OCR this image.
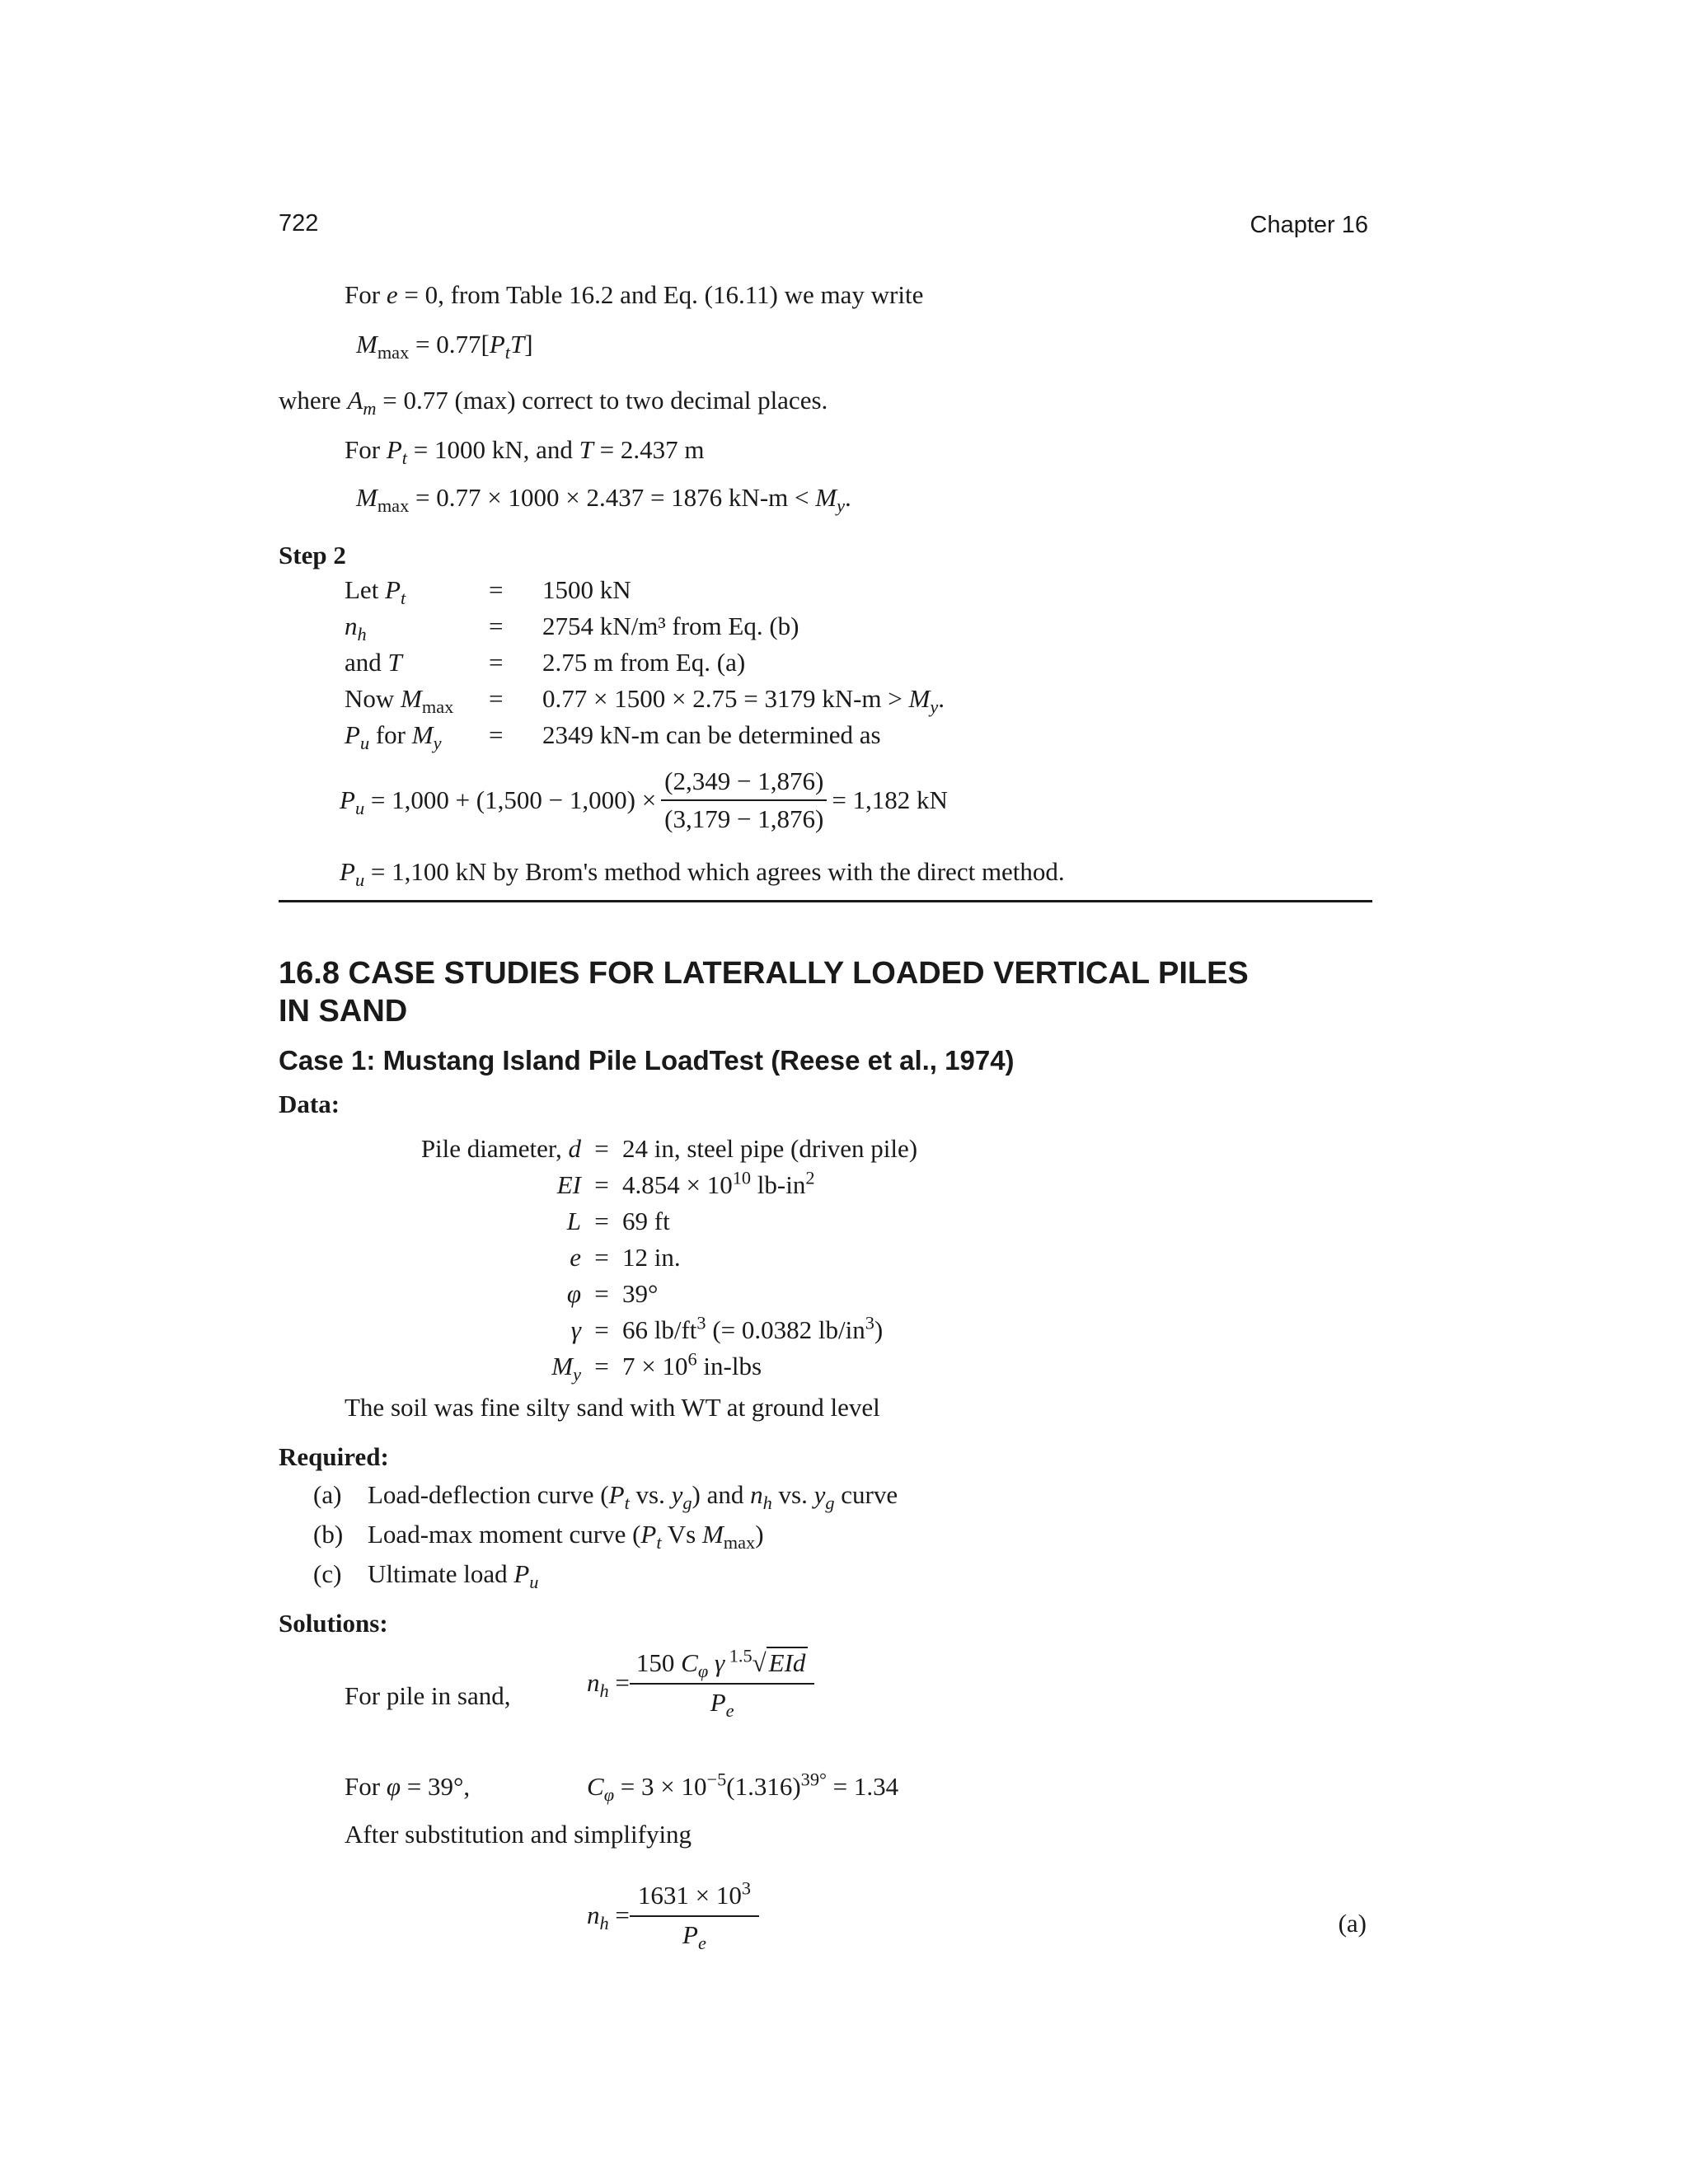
722	Chapter 16
For e = 0, from Table 16.2 and Eq. (16.11) we may write
$M_{max} = 0.77[P_tT]$
where $A_m = 0.77$ (max) correct to two decimal places.
For $P_t = 1000$ kN, and T = 2.437 m
$M_{max} = 0.77 \times 1000 \times 2.437 = 1876$ $kN-m < M_y$.
Step 2
Let $P_t$	=	1500 kN
$n_h$	=	2754 kN/m³ from Eq. (b)
and T	=	2.75 m from Eq. (a)
Now $M_{max}$	=	0.77 × 1500 × 2.75 = 3179 $kN-m > M_y$.
$P_u$ for $M_y$	=	2349 kN-m can be determined as
$P_u = 1,000 + (1,500 - 1,000) \times \frac{(2,349 - 1,876)}{(3,179 - 1,876)} = 1,182$ kN
$P_u = 1,100$ kN by Brom's method which agrees with the direct method.
16.8 CASE STUDIES FOR LATERALLY LOADED VERTICAL PILES
IN SAND
Case 1: Mustang Island Pile LoadTest (Reese et al., 1974)
Data:
Pile diameter, d	=	24 in, steel pipe (driven pile)
EI	=	$4.854 \times 10^{10}$ $lb-in^2$
L	=	69 ft
e	=	12 in.
φ	=	39°
γ	=	66 $lb/ft^3$ (= 0.0382 $lb/in^3$)
$M_y$	=	$7 \times 10^6$ in-lbs
The soil was fine silty sand with WT at ground level
Required:
(a) Load-deflection curve ($P_t$ vs. $y_g$) and $n_h$ vs. $y_g$ curve
(b) Load-max moment curve ($P_t$ Vs $M_{max}$)
(c) Ultimate load $P_u$
Solutions:
For pile in sand,	$n_h = \frac{150 C_\varphi \gamma ^{1.5}√EId}{P_e}$
For φ = 39°,	$C_\varphi = 3 \times 10^{-5}(1.316)^{39^\circ} = 1.34$
After substitution and simplifying
$n_h = \frac{1631 \times 10^3}{P_e}$	(a)
